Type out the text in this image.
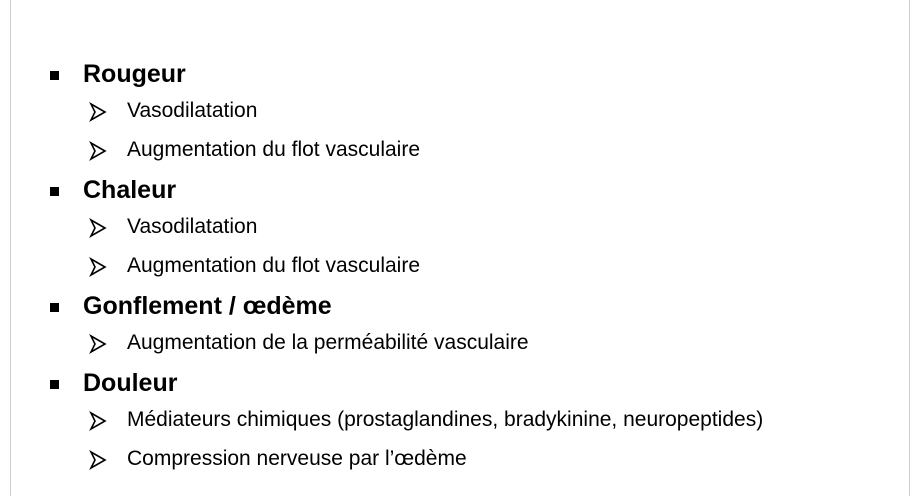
Rougeur
Vasodilatation
Augmentation du flot vasculaire
Chaleur
Vasodilatation
Augmentation du flot vasculaire
Gonflement / œdème
Augmentation de la perméabilité vasculaire
Douleur
Médiateurs chimiques (prostaglandines, bradykinine, neuropeptides)
Compression nerveuse par l’œdème
